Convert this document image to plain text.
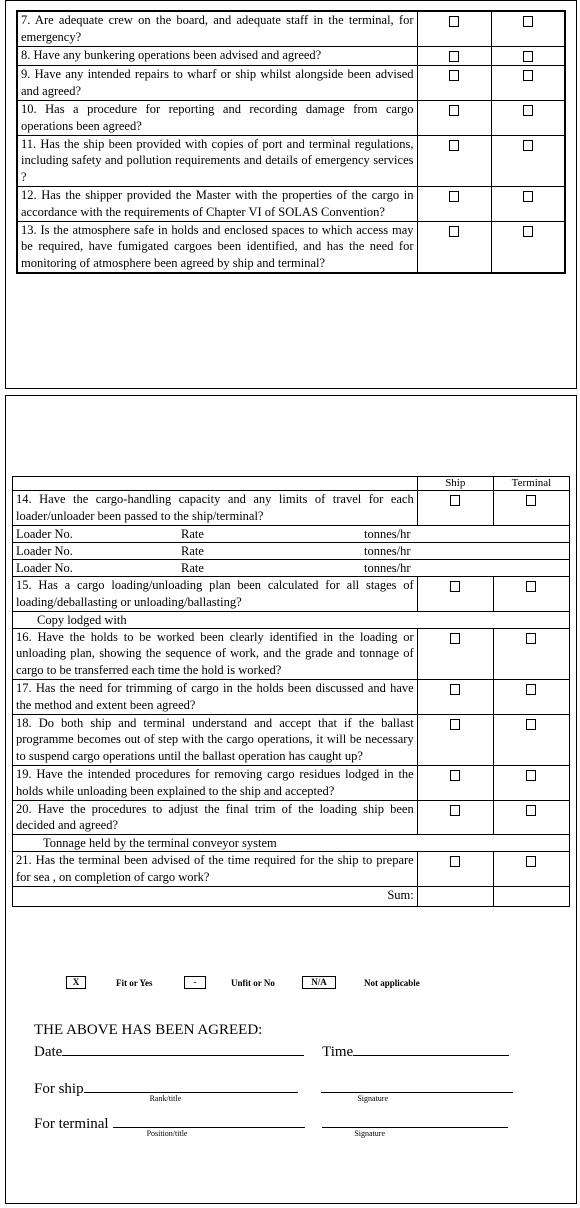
7. Are adequate crew on the board, and adequate staff in the terminal, for emergency?		
8. Have any bunkering operations been advised and agreed?		
9. Have any intended repairs to wharf or ship whilst alongside been advised and agreed?		
10. Has a procedure for reporting and recording damage from cargo operations been agreed?		
11. Has the ship been provided with copies of port and terminal regulations, including safety and pollution requirements and details of emergency services ?		
12. Has the shipper provided the Master with the properties of the cargo in accordance with the requirements of Chapter VI of SOLAS Convention?		
13. Is the atmosphere safe in holds and enclosed spaces to which access may be required, have fumigated cargoes been identified, and has the need for monitoring of atmosphere been agreed by ship and terminal?		
	Ship	Terminal
14. Have the cargo-handling capacity and any limits of travel for each loader/unloader been passed to the ship/terminal?		

Loader No. Rate tonnes/hr		

Loader No. Rate tonnes/hr		

Loader No. Rate tonnes/hr		

15. Has a cargo loading/unloading plan been calculated for all stages of loading/deballasting or unloading/ballasting?		
Copy lodged with		
16. Have the holds to be worked been clearly identified in the loading or unloading plan, showing the sequence of work, and the grade and tonnage of cargo to be transferred each time the hold is worked?		
17. Has the need for trimming of cargo in the holds been discussed and have the method and extent been agreed?		
18. Do both ship and terminal understand and accept that if the ballast programme becomes out of step with the cargo operations, it will be necessary to suspend cargo operations until the ballast operation has caught up?		
19. Have the intended procedures for removing cargo residues lodged in the holds while unloading been explained to the ship and accepted?		
20. Have the procedures to adjust the final trim of the loading ship been decided and agreed?		
Tonnage held by the terminal conveyor system		
21. Has the terminal been advised of the time required for the ship to prepare for sea , on completion of cargo work?		
Sum:		
X	Fit or Yes	-	Unfit or No	N/A	Not applicable
THE ABOVE HAS BEEN AGREED:
Date	Time
For ship
Rank/title
	Signature
For terminal
Position/title
	Signature
